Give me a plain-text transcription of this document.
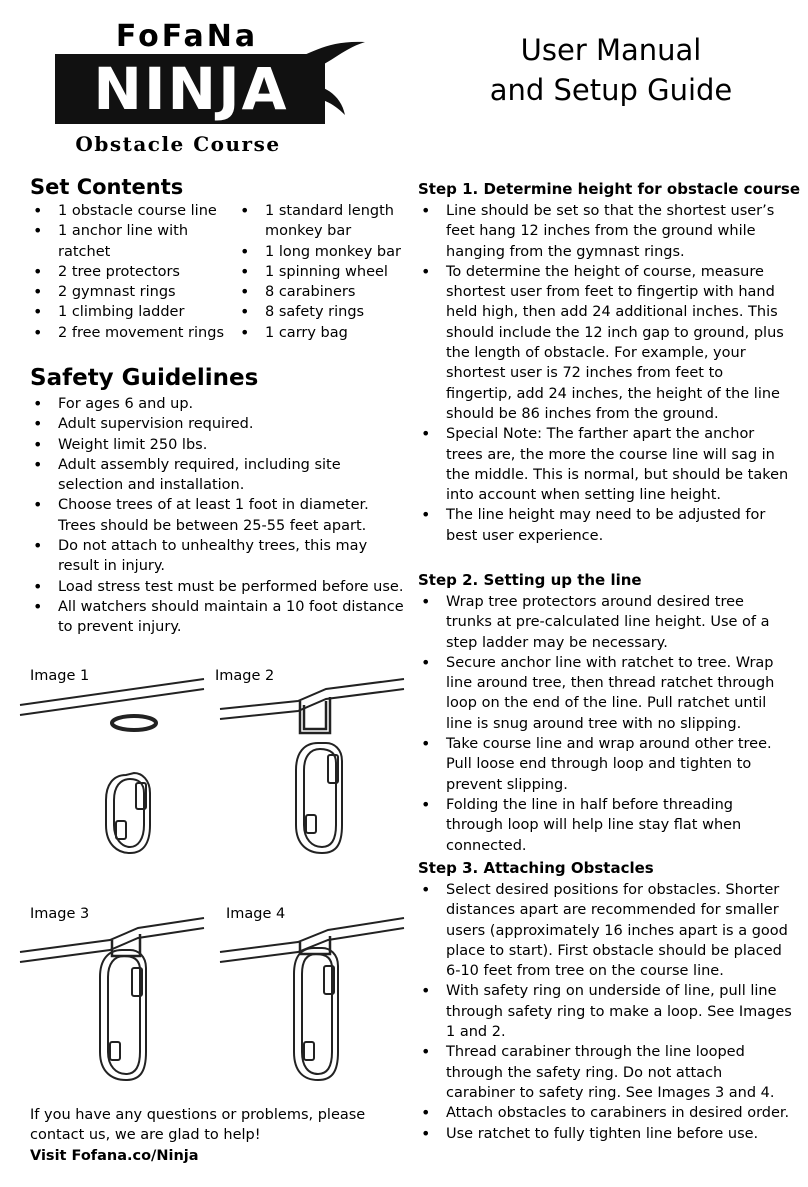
FoFaNa
NINJA
Obstacle Course
User Manual
and Setup Guide
Set Contents
• 1 obstacle course line
• 1 anchor line with ratchet
• 2 tree protectors
• 2 gymnast rings
• 1 climbing ladder
• 2 free movement rings
• 1 standard length monkey bar
• 1 long monkey bar
• 1 spinning wheel
• 8 carabiners
• 8 safety rings
• 1 carry bag
Safety Guidelines
• For ages 6 and up.
• Adult supervision required.
• Weight limit 250 lbs.
• Adult assembly required, including site selection and installation.
• Choose trees of at least 1 foot in diameter. Trees should be between 25-55 feet apart.
• Do not attach to unhealthy trees, this may result in injury.
• Load stress test must be performed before use.
• All watchers should maintain a 10 foot distance to prevent injury.
Image 1	Image 2
Image 3	Image 4
If you have any questions or problems, please contact us, we are glad to help!
Visit Fofana.co/Ninja
Step 1. Determine height for obstacle course
• Line should be set so that the shortest user’s feet hang 12 inches from the ground while hanging from the gymnast rings.
• To determine the height of course, measure shortest user from feet to fingertip with hand held high, then add 24 additional inches. This should include the 12 inch gap to ground, plus the length of obstacle. For example, your shortest user is 72 inches from feet to fingertip, add 24 inches, the height of the line should be 86 inches from the ground.
• Special Note: The farther apart the anchor trees are, the more the course line will sag in the middle. This is normal, but should be taken into account when setting line height.
• The line height may need to be adjusted for best user experience.
Step 2. Setting up the line
• Wrap tree protectors around desired tree trunks at pre-calculated line height. Use of a step ladder may be necessary.
• Secure anchor line with ratchet to tree. Wrap line around tree, then thread ratchet through loop on the end of the line. Pull ratchet until line is snug around tree with no slipping.
• Take course line and wrap around other tree. Pull loose end through loop and tighten to prevent slipping.
• Folding the line in half before threading through loop will help line stay flat when connected.
Step 3. Attaching Obstacles
• Select desired positions for obstacles. Shorter distances apart are recommended for smaller users (approximately 16 inches apart is a good place to start). First obstacle should be placed 6-10 feet from tree on the course line.
• With safety ring on underside of line, pull line through safety ring to make a loop. See Images 1 and 2.
• Thread carabiner through the line looped through the safety ring. Do not attach carabiner to safety ring. See Images 3 and 4.
• Attach obstacles to carabiners in desired order.
• Use ratchet to fully tighten line before use.
